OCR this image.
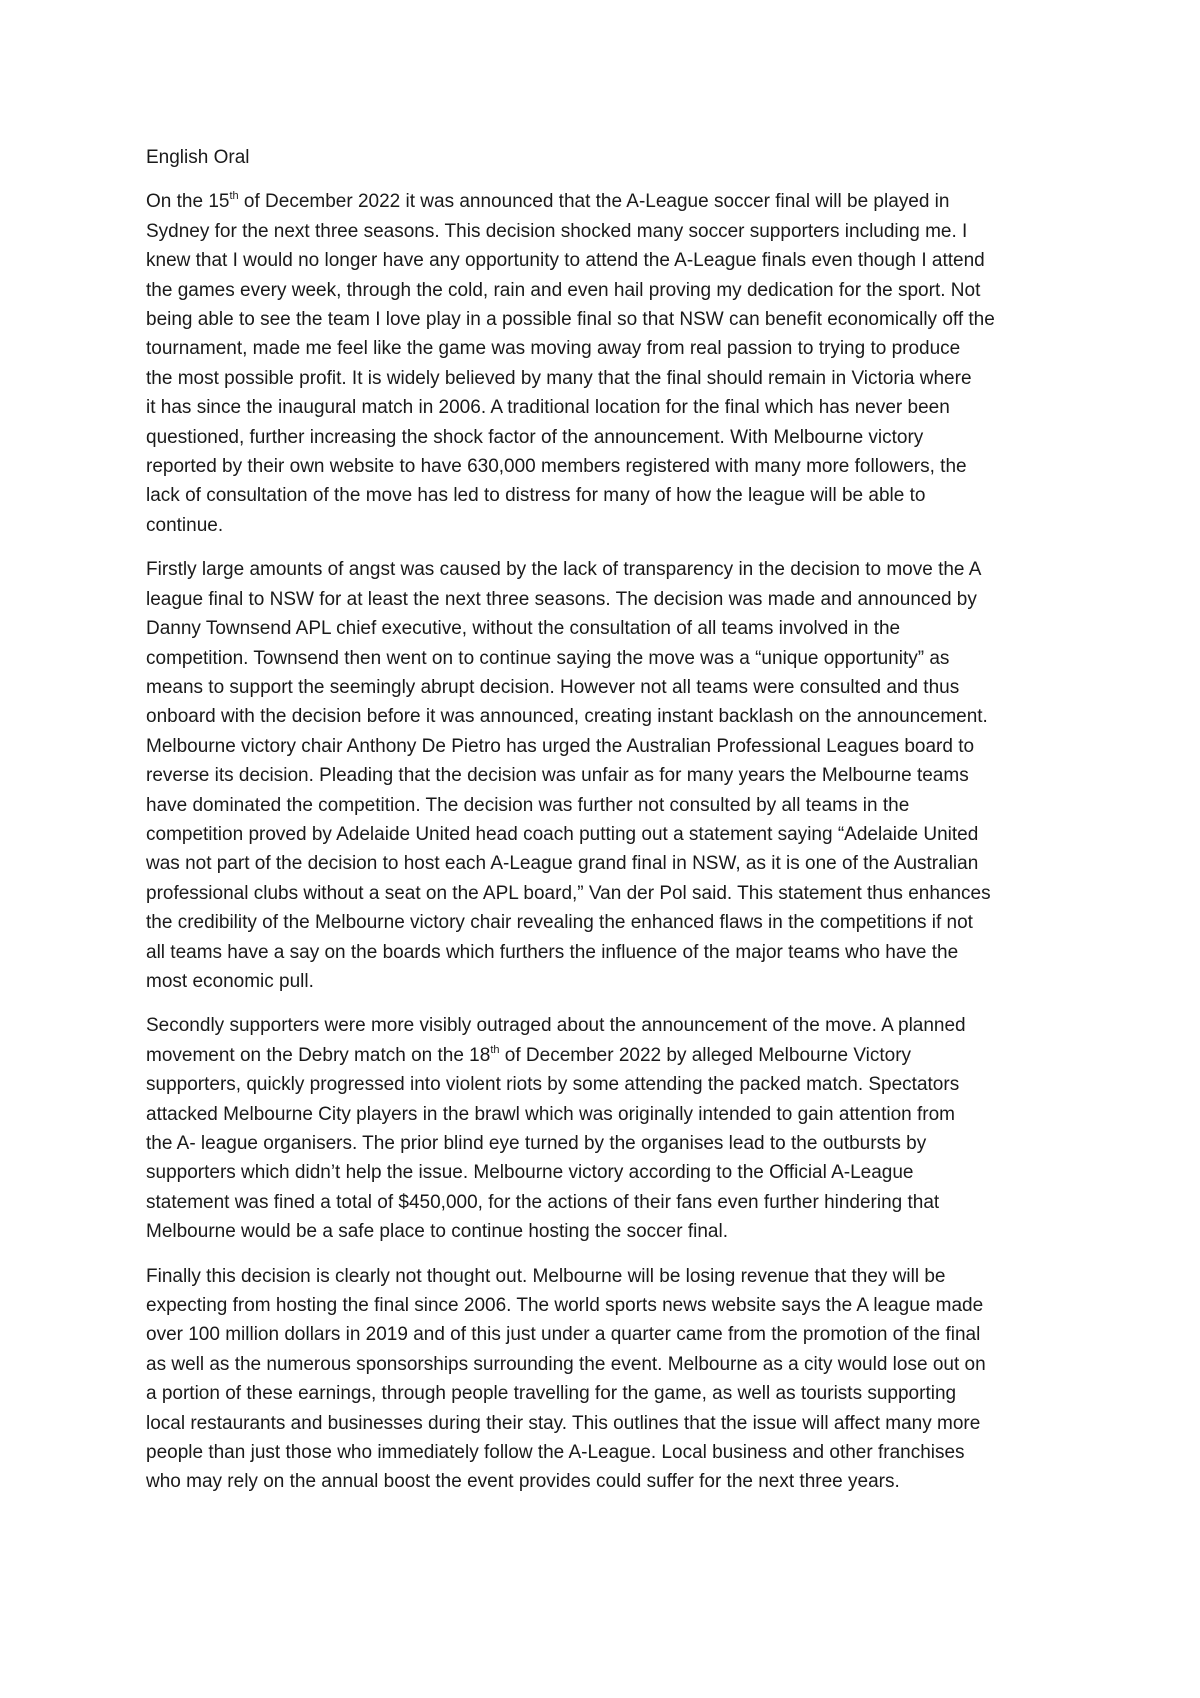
English Oral
On the 15th of December 2022 it was announced that the A-League soccer final will be played in
Sydney for the next three seasons. This decision shocked many soccer supporters including me. I
knew that I would no longer have any opportunity to attend the A-League finals even though I attend
the games every week, through the cold, rain and even hail proving my dedication for the sport. Not
being able to see the team I love play in a possible final so that NSW can benefit economically off the
tournament, made me feel like the game was moving away from real passion to trying to produce
the most possible profit. It is widely believed by many that the final should remain in Victoria where
it has since the inaugural match in 2006. A traditional location for the final which has never been
questioned, further increasing the shock factor of the announcement. With Melbourne victory
reported by their own website to have 630,000 members registered with many more followers, the
lack of consultation of the move has led to distress for many of how the league will be able to
continue.
Firstly large amounts of angst was caused by the lack of transparency in the decision to move the A
league final to NSW for at least the next three seasons. The decision was made and announced by
Danny Townsend APL chief executive, without the consultation of all teams involved in the
competition. Townsend then went on to continue saying the move was a “unique opportunity” as
means to support the seemingly abrupt decision. However not all teams were consulted and thus
onboard with the decision before it was announced, creating instant backlash on the announcement.
Melbourne victory chair Anthony De Pietro has urged the Australian Professional Leagues board to
reverse its decision. Pleading that the decision was unfair as for many years the Melbourne teams
have dominated the competition. The decision was further not consulted by all teams in the
competition proved by Adelaide United head coach putting out a statement saying “Adelaide United
was not part of the decision to host each A-League grand final in NSW, as it is one of the Australian
professional clubs without a seat on the APL board,” Van der Pol said. This statement thus enhances
the credibility of the Melbourne victory chair revealing the enhanced flaws in the competitions if not
all teams have a say on the boards which furthers the influence of the major teams who have the
most economic pull.
Secondly supporters were more visibly outraged about the announcement of the move. A planned
movement on the Debry match on the 18th of December 2022 by alleged Melbourne Victory
supporters, quickly progressed into violent riots by some attending the packed match. Spectators
attacked Melbourne City players in the brawl which was originally intended to gain attention from
the A- league organisers. The prior blind eye turned by the organises lead to the outbursts by
supporters which didn’t help the issue. Melbourne victory according to the Official A-League
statement was fined a total of $450,000, for the actions of their fans even further hindering that
Melbourne would be a safe place to continue hosting the soccer final.
Finally this decision is clearly not thought out. Melbourne will be losing revenue that they will be
expecting from hosting the final since 2006. The world sports news website says the A league made
over 100 million dollars in 2019 and of this just under a quarter came from the promotion of the final
as well as the numerous sponsorships surrounding the event. Melbourne as a city would lose out on
a portion of these earnings, through people travelling for the game, as well as tourists supporting
local restaurants and businesses during their stay. This outlines that the issue will affect many more
people than just those who immediately follow the A-League. Local business and other franchises
who may rely on the annual boost the event provides could suffer for the next three years.
